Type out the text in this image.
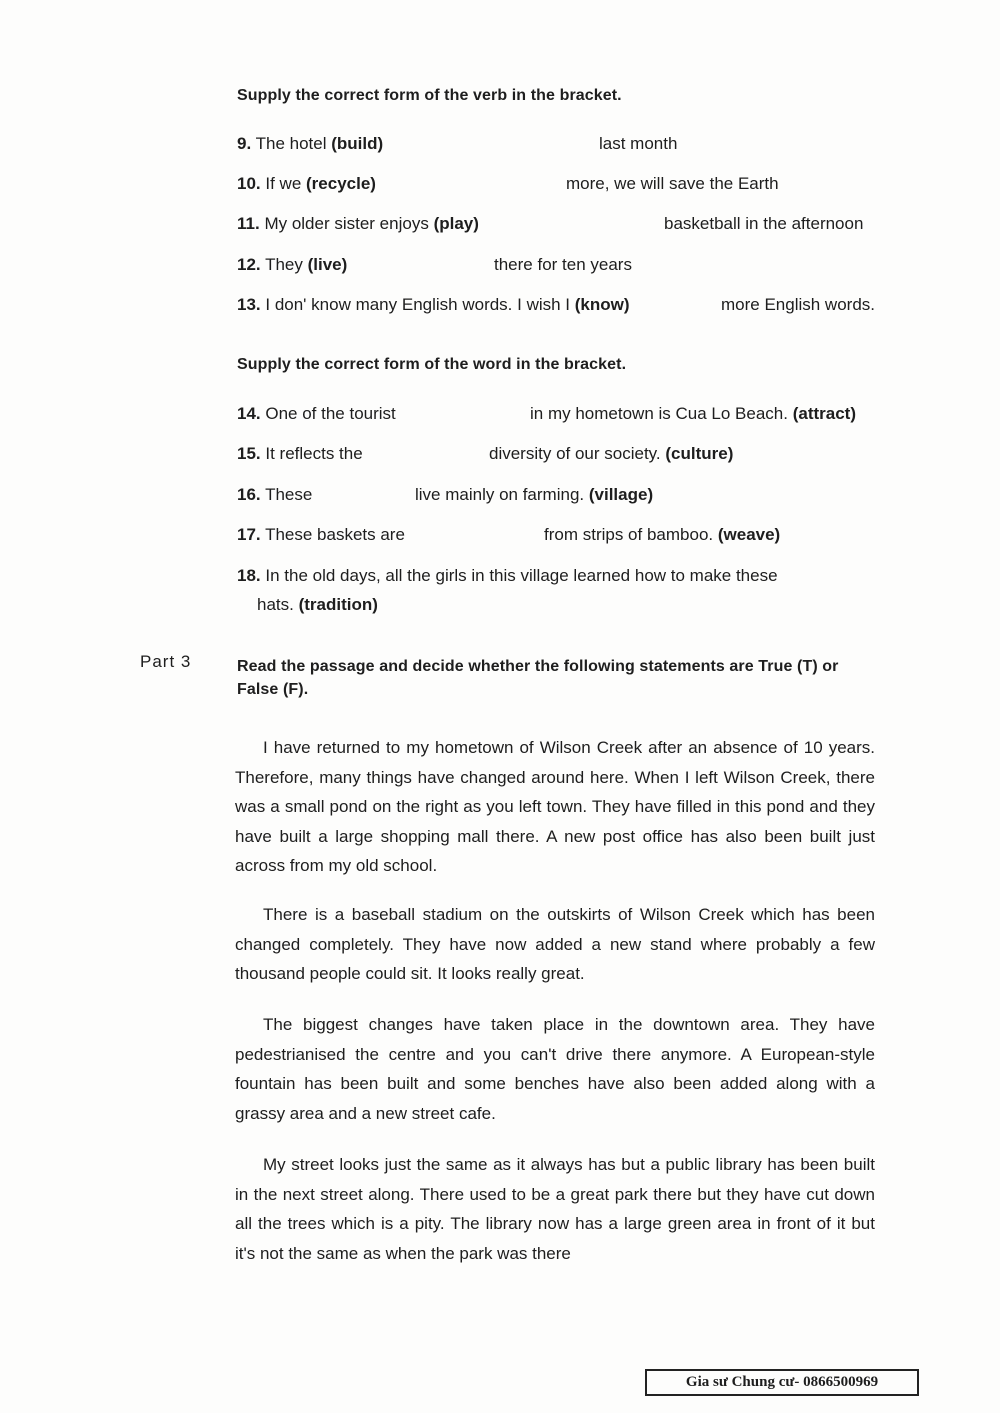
Supply the correct form of the verb in the bracket.
9. The hotel (build)	last month
10. If we (recycle)	more, we will save the Earth
11. My older sister enjoys (play)	basketball in the afternoon
12. They (live)	there for ten years
13. I don' know many English words. I wish I (know)	more English words.
Supply the correct form of the word in the bracket.
14. One of the tourist	in my hometown is Cua Lo Beach. (attract)
15. It reflects the	diversity of our society. (culture)
16. These	live mainly on farming. (village)
17. These baskets are	from strips of bamboo. (weave)
18. In the old days, all the girls in this village learned how to make these
hats. (tradition)
Part 3	Read the passage and decide whether the following statements are True (T) or
False (F).

I have returned to my hometown of Wilson Creek after an absence of 10 years. Therefore, many things have changed around here. When I left Wilson Creek, there was a small pond on the right as you left town. They have filled in this pond and they have built a large shopping mall there. A new post office has also been built just across from my old school.

There is a baseball stadium on the outskirts of Wilson Creek which has been changed completely. They have now added a new stand where probably a few thousand people could sit. It looks really great.

The biggest changes have taken place in the downtown area. They have pedestrianised the centre and you can't drive there anymore. A European-style fountain has been built and some benches have also been added along with a grassy area and a new street cafe.

My street looks just the same as it always has but a public library has been built in the next street along. There used to be a great park there but they have cut down all the trees which is a pity. The library now has a large green area in front of it but it's not the same as when the park was there

Gia sư Chung cư- 0866500969
